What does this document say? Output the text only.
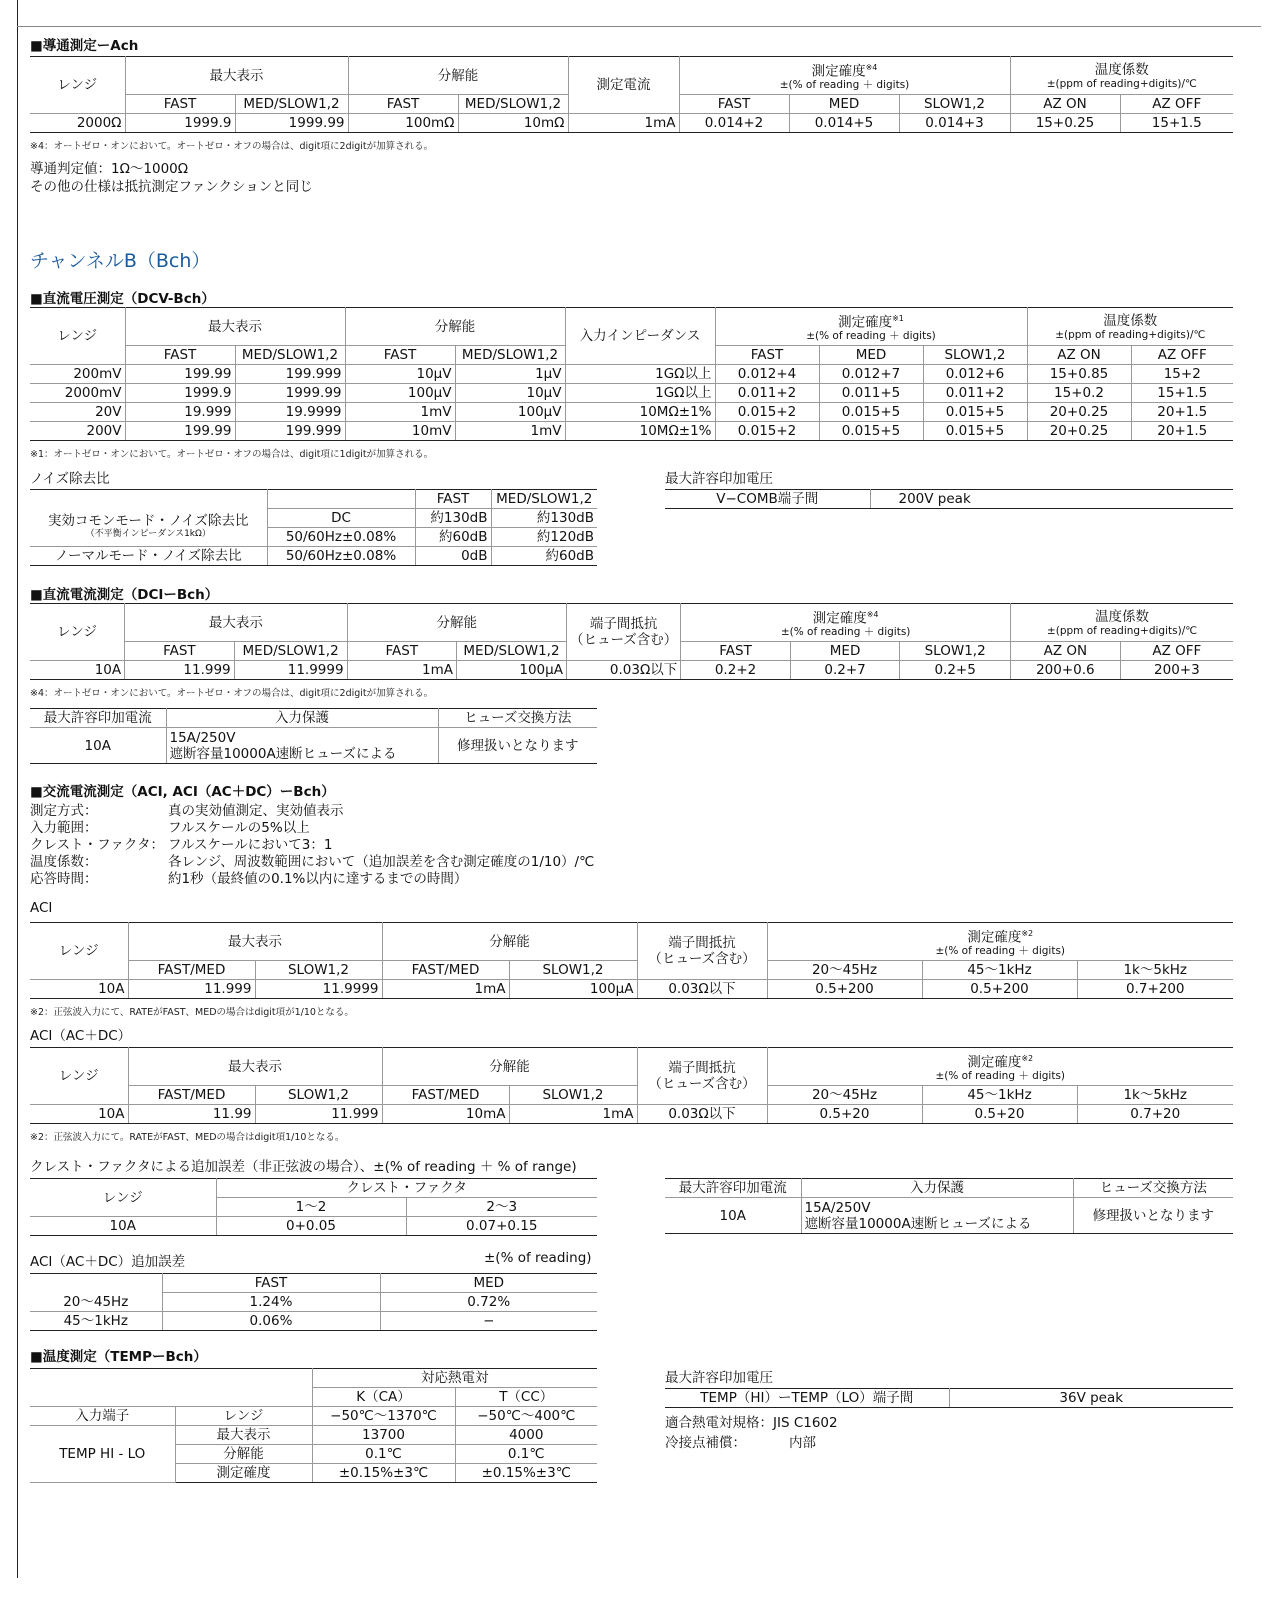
■導通測定ーAch
レンジ	最大表示		分解能		測定電流	測定確度$^{※4}$
±(% of reading ＋ digits)			温度係数
±(ppm of reading+digits)/℃	

	FAST	MED/SLOW1,2	FAST	MED/SLOW1,2		FAST	MED	SLOW1,2	AZ ON	AZ OFF
2000Ω	1999.9	1999.99	100mΩ	10mΩ	1mA	0.014+2	0.014+5	0.014+3	15+0.25	15+1.5
※4：オートゼロ・オンにおいて。オートゼロ・オフの場合は、digit項に2digitが加算される。
導通判定値：1Ω〜1000Ω
その他の仕様は抵抗測定ファンクションと同じ
チャンネルB（Bch）
■直流電圧測定（DCV-Bch）
レンジ	最大表示		分解能		入力インピーダンス	測定確度$^{※1}$
±(% of reading ＋ digits)			温度係数
±(ppm of reading+digits)/℃	

	FAST	MED/SLOW1,2	FAST	MED/SLOW1,2		FAST	MED	SLOW1,2	AZ ON	AZ OFF
200mV	199.99	199.999	10μV	1μV	1GΩ以上	0.012+4	0.012+7	0.012+6	15+0.85	15+2
2000mV	1999.9	1999.99	100μV	10μV	1GΩ以上	0.011+2	0.011+5	0.011+2	15+0.2	15+1.5
20V	19.999	19.9999	1mV	100μV	10MΩ±1%	0.015+2	0.015+5	0.015+5	20+0.25	20+1.5
200V	199.99	199.999	10mV	1mV	10MΩ±1%	0.015+2	0.015+5	0.015+5	20+0.25	20+1.5
※1：オートゼロ・オンにおいて。オートゼロ・オフの場合は、digit項に1digitが加算される。
ノイズ除去比
		FAST	MED/SLOW1,2
実効コモンモード・ノイズ除去比
（不平衡インピーダンス1kΩ）	DC	約130dB	約130dB
	50/60Hz±0.08%	約60dB	約120dB
ノーマルモード・ノイズ除去比	50/60Hz±0.08%	0dB	約60dB
最大許容印加電圧
V−COMB端子間	200V peak
■直流電流測定（DCIーBch）
レンジ	最大表示		分解能		端子間抵抗
（ヒューズ含む）	測定確度$^{※4}$
±(% of reading ＋ digits)			温度係数
±(ppm of reading+digits)/℃	

	FAST	MED/SLOW1,2	FAST	MED/SLOW1,2		FAST	MED	SLOW1,2	AZ ON	AZ OFF
10A	11.999	11.9999	1mA	100μA	0.03Ω以下	0.2+2	0.2+7	0.2+5	200+0.6	200+3
※4：オートゼロ・オンにおいて。オートゼロ・オフの場合は、digit項に2digitが加算される。
最大許容印加電流	入力保護	ヒューズ交換方法
10A	15A/250V
遮断容量10000A速断ヒューズによる	修理扱いとなります
■交流電流測定（ACI, ACI（AC＋DC）ーBch）
測定方式：	真の実効値測定、実効値表示
入力範囲：	フルスケールの5%以上
クレスト・ファクタ： フルスケールにおいて3：1
温度係数：	各レンジ、周波数範囲において（追加誤差を含む測定確度の1/10）/℃
応答時間：	約1秒（最終値の0.1%以内に達するまでの時間）
ACI
レンジ	最大表示		分解能		端子間抵抗
（ヒューズ含む）	測定確度$^{※2}$
±(% of reading ＋ digits)		

	FAST/MED	SLOW1,2	FAST/MED	SLOW1,2		20〜45Hz	45〜1kHz	1k〜5kHz
10A	11.999	11.9999	1mA	100μA	0.03Ω以下	0.5+200	0.5+200	0.7+200
※2：正弦波入力にて、RATEがFAST、MEDの場合はdigit項が1/10となる。
ACI（AC＋DC）
レンジ	最大表示		分解能		端子間抵抗
（ヒューズ含む）	測定確度$^{※2}$
±(% of reading ＋ digits)		

	FAST/MED	SLOW1,2	FAST/MED	SLOW1,2		20〜45Hz	45〜1kHz	1k〜5kHz
10A	11.99	11.999	10mA	1mA	0.03Ω以下	0.5+20	0.5+20	0.7+20
※2：正弦波入力にて。RATEがFAST、MEDの場合はdigit項1/10となる。
クレスト・ファクタによる追加誤差（非正弦波の場合）、±(% of reading ＋ % of range)
レンジ	クレスト・ファクタ	
	1〜2	2〜3
10A	0+0.05	0.07+0.15
最大許容印加電流	入力保護	ヒューズ交換方法
10A	15A/250V
遮断容量10000A速断ヒューズによる	修理扱いとなります
ACI（AC＋DC）追加誤差	±(% of reading)
	FAST	MED
20〜45Hz	1.24%	0.72%
45〜1kHz	0.06%	−
■温度測定（TEMPーBch）
		対応熱電対	
		K（CA）	T（CC）
入力端子	レンジ	−50℃〜1370℃	−50℃〜400℃
TEMP HI - LO	最大表示	13700	4000
	分解能	0.1℃	0.1℃
	測定確度	±0.15%±3℃	±0.15%±3℃
最大許容印加電圧
TEMP（HI）ーTEMP（LO）端子間	36V peak
適合熱電対規格：JIS C1602
冷接点補償：	内部
